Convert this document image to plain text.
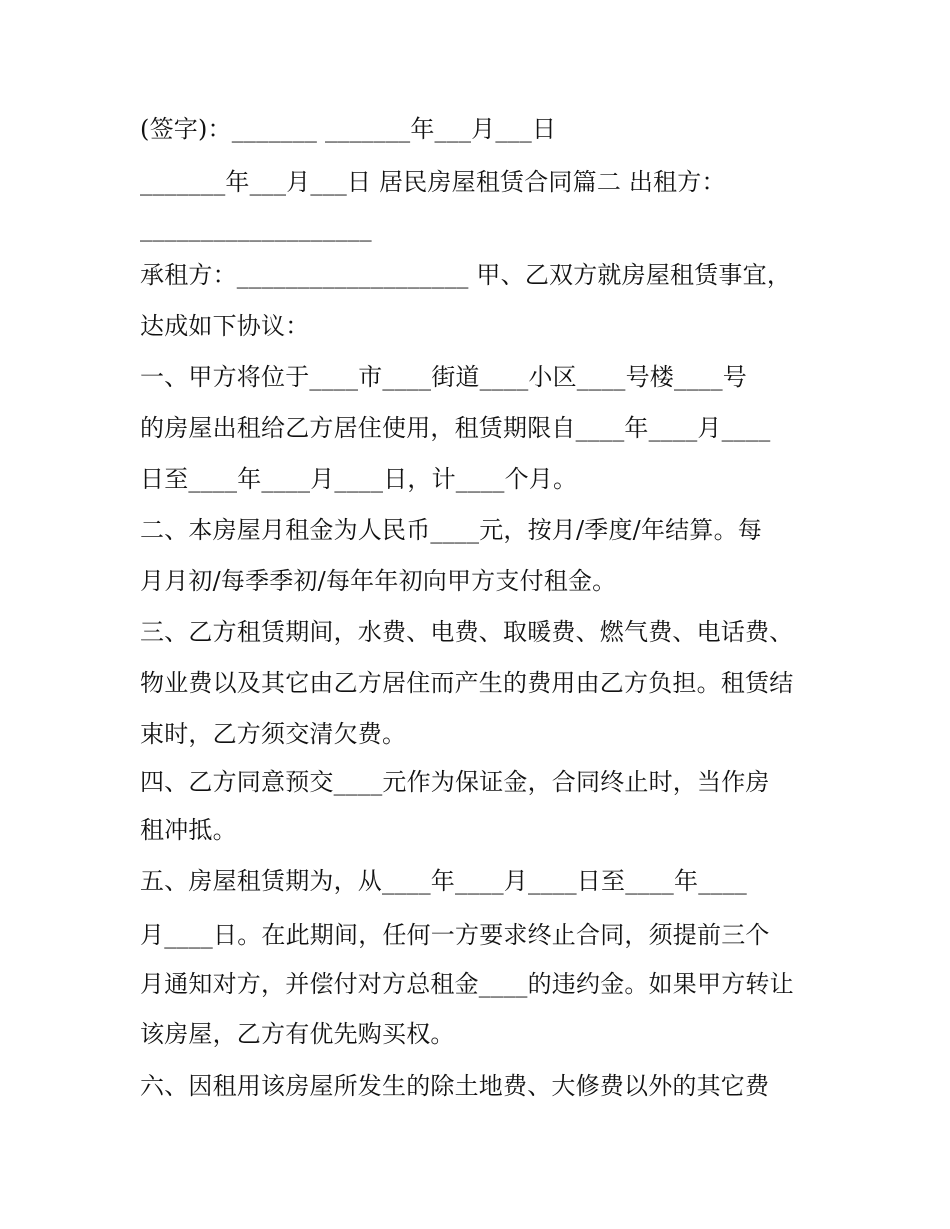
(签字)：_______ _______年___月___日

_______年___月___日 居民房屋租赁合同篇二 出租方：

___________________

承租方：___________________ 甲、乙双方就房屋租赁事宜，

达成如下协议：

一、甲方将位于____市____街道____小区____号楼____号

的房屋出租给乙方居住使用，租赁期限自____年____月____

日至____年____月____日，计____个月。

二、本房屋月租金为人民币____元，按月/季度/年结算。每

月月初/每季季初/每年年初向甲方支付租金。

三、乙方租赁期间，水费、电费、取暖费、燃气费、电话费、

物业费以及其它由乙方居住而产生的费用由乙方负担。租赁结

束时，乙方须交清欠费。

四、乙方同意预交____元作为保证金，合同终止时，当作房

租冲抵。

五、房屋租赁期为，从____年____月____日至____年____

月____日。在此期间，任何一方要求终止合同，须提前三个

月通知对方，并偿付对方总租金____的违约金。如果甲方转让

该房屋，乙方有优先购买权。

六、因租用该房屋所发生的除土地费、大修费以外的其它费
